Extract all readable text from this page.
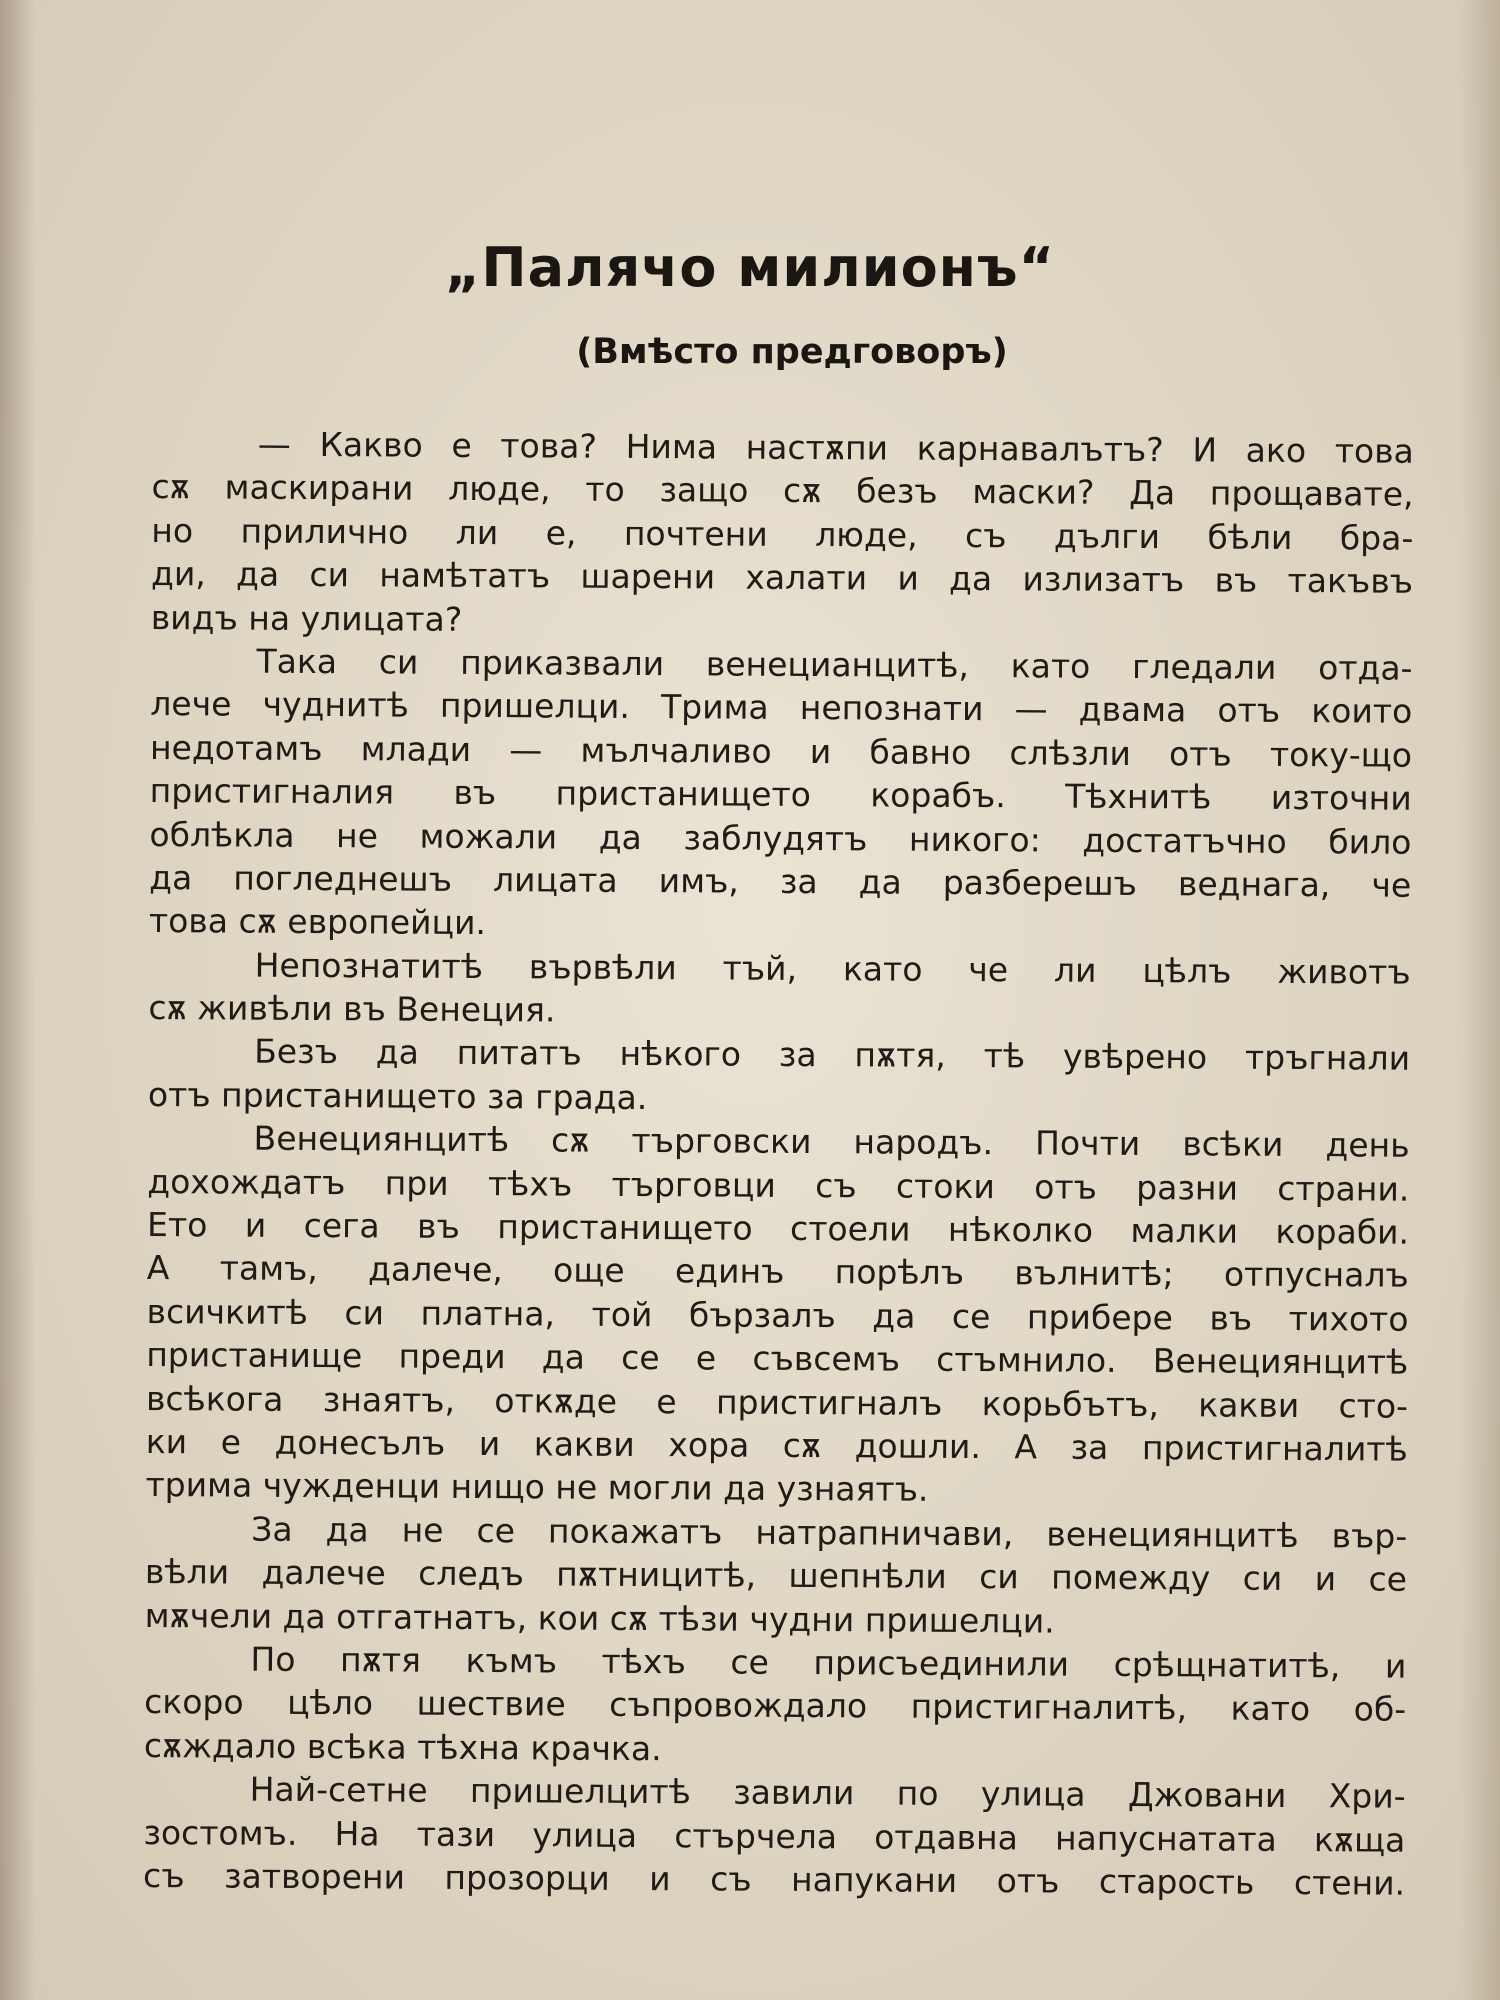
„Палячо милионъ“
(Вмѣсто предговоръ)
— Какво е това? Нима настѫпи карнавалътъ? И ако това
сѫ маскирани люде, то защо сѫ безъ маски? Да прощавате,
но прилично ли е, почтени люде, съ дълги бѣли бра-
ди, да си намѣтатъ шарени халати и да излизатъ въ такъвъ
видъ на улицата?
Така си приказвали венецианцитѣ, като гледали отда-
лече чуднитѣ пришелци. Трима непознати — двама отъ които
недотамъ млади — мълчаливо и бавно слѣзли отъ току-що
пристигналия въ пристанището корабъ. Тѣхнитѣ източни
облѣкла не можали да заблудятъ никого: достатъчно било
да погледнешъ лицата имъ, за да разберешъ веднага, че
това сѫ европейци.
Непознатитѣ вървѣли тъй, като че ли цѣлъ животъ
сѫ живѣли въ Венеция.
Безъ да питатъ нѣкого за пѫтя, тѣ увѣрено тръгнали
отъ пристанището за града.
Венециянцитѣ сѫ търговски народъ. Почти всѣки день
дохождатъ при тѣхъ търговци съ стоки отъ разни страни.
Ето и сега въ пристанището стоели нѣколко малки кораби.
А тамъ, далече, още единъ порѣлъ вълнитѣ; отпусналъ
всичкитѣ си платна, той бързалъ да се прибере въ тихото
пристанище преди да се е съвсемъ стъмнило. Венециянцитѣ
всѣкога знаятъ, откѫде е пристигналъ корьбътъ, какви сто-
ки е донесълъ и какви хора сѫ дошли. А за пристигналитѣ
трима чужденци нищо не могли да узнаятъ.
За да не се покажатъ натрапничави, венециянцитѣ вър-
вѣли далече следъ пѫтницитѣ, шепнѣли си помежду си и се
мѫчели да отгатнатъ, кои сѫ тѣзи чудни пришелци.
По пѫтя къмъ тѣхъ се присъединили срѣщнатитѣ, и
скоро цѣло шествие съпровождало пристигналитѣ, като об-
сѫждало всѣка тѣхна крачка.
Най-сетне пришелцитѣ завили по улица Джовани Хри-
зостомъ. На тази улица стърчела отдавна напуснатата кѫща
съ затворени прозорци и съ напукани отъ старость стени.
